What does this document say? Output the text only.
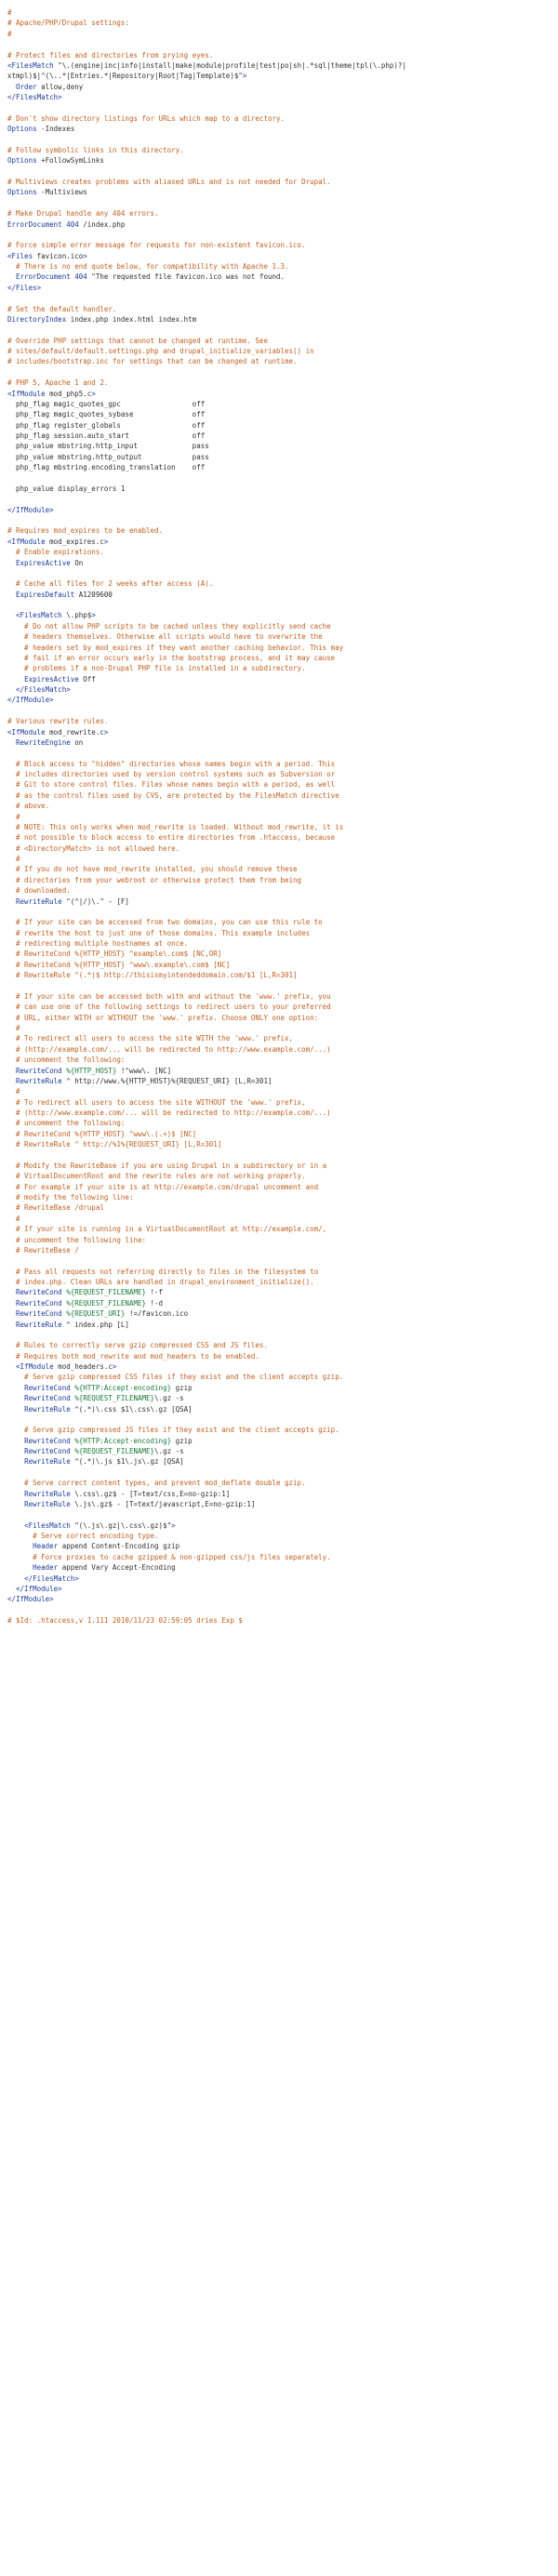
#
# Apache/PHP/Drupal settings:
#
# Protect files and directories from prying eyes.
<FilesMatch "\.(engine|inc|info|install|make|module|profile|test|po|sh|.*sql|theme|tpl(\.php)?|
xtmpl)$|^(\..*|Entries.*|Repository|Root|Tag|Template)$">
Order allow,deny
</FilesMatch>
# Don't show directory listings for URLs which map to a directory.
Options -Indexes
# Follow symbolic links in this directory.
Options +FollowSymLinks
# Multiviews creates problems with aliased URLs and is not needed for Drupal.
Options -Multiviews
# Make Drupal handle any 404 errors.
ErrorDocument 404 /index.php
# Force simple error message for requests for non-existent favicon.ico.
<Files favicon.ico>
# There is no end quote below, for compatibility with Apache 1.3.
ErrorDocument 404 "The requested file favicon.ico was not found.
</Files>
# Set the default handler.
DirectoryIndex index.php index.html index.htm
# Override PHP settings that cannot be changed at runtime. See
# sites/default/default.settings.php and drupal_initialize_variables() in
# includes/bootstrap.inc for settings that can be changed at runtime.
# PHP 5, Apache 1 and 2.
<IfModule mod_php5.c>
php_flag magic_quotes_gpc                 off
php_flag magic_quotes_sybase              off
php_flag register_globals                 off
php_flag session.auto_start               off
php_value mbstring.http_input             pass
php_value mbstring.http_output            pass
php_flag mbstring.encoding_translation    off
php_value display_errors 1
</IfModule>
# Requires mod_expires to be enabled.
<IfModule mod_expires.c>
# Enable expirations.
ExpiresActive On
# Cache all files for 2 weeks after access (A).
ExpiresDefault A1209600
<FilesMatch \.php$>
# Do not allow PHP scripts to be cached unless they explicitly send cache
# headers themselves. Otherwise all scripts would have to overwrite the
# headers set by mod_expires if they want another caching behavior. This may
# fail if an error occurs early in the bootstrap process, and it may cause
# problems if a non-Drupal PHP file is installed in a subdirectory.
ExpiresActive Off
</FilesMatch>
</IfModule>
# Various rewrite rules.
<IfModule mod_rewrite.c>
RewriteEngine on
# Block access to "hidden" directories whose names begin with a period. This
# includes directories used by version control systems such as Subversion or
# Git to store control files. Files whose names begin with a period, as well
# as the control files used by CVS, are protected by the FilesMatch directive
# above.
#
# NOTE: This only works when mod_rewrite is loaded. Without mod_rewrite, it is
# not possible to block access to entire directories from .htaccess, because
# <DirectoryMatch> is not allowed here.
#
# If you do not have mod_rewrite installed, you should remove these
# directories from your webroot or otherwise protect them from being
# downloaded.
RewriteRule "(^|/)\." - [F]
# If your site can be accessed from two domains, you can use this rule to
# rewrite the host to just one of those domains. This example includes
# redirecting multiple hostnames at once.
# RewriteCond %{HTTP_HOST} ^example\.com$ [NC,OR]
# RewriteCond %{HTTP_HOST} ^www\.example\.com$ [NC]
# RewriteRule ^(.*)$ http://thisismyintendeddomain.com/$1 [L,R=301]
# If your site can be accessed both with and without the 'www.' prefix, you
# can use one of the following settings to redirect users to your preferred
# URL, either WITH or WITHOUT the 'www.' prefix. Choose ONLY one option:
#
# To redirect all users to access the site WITH the 'www.' prefix,
# (http://example.com/... will be redirected to http://www.example.com/...)
# uncomment the following:
RewriteCond %{HTTP_HOST} !^www\. [NC]
RewriteRule ^ http://www.%{HTTP_HOST}%{REQUEST_URI} [L,R=301]
#
# To redirect all users to access the site WITHOUT the 'www.' prefix,
# (http://www.example.com/... will be redirected to http://example.com/...)
# uncomment the following:
# RewriteCond %{HTTP_HOST} ^www\.(.+)$ [NC]
# RewriteRule ^ http://%1%{REQUEST_URI} [L,R=301]
# Modify the RewriteBase if you are using Drupal in a subdirectory or in a
# VirtualDocumentRoot and the rewrite rules are not working properly.
# For example if your site is at http://example.com/drupal uncomment and
# modify the following line:
# RewriteBase /drupal
#
# If your site is running in a VirtualDocumentRoot at http://example.com/,
# uncomment the following line:
# RewriteBase /
# Pass all requests not referring directly to files in the filesystem to
# index.php. Clean URLs are handled in drupal_environment_initialize().
RewriteCond %{REQUEST_FILENAME} !-f
RewriteCond %{REQUEST_FILENAME} !-d
RewriteCond %{REQUEST_URI} !=/favicon.ico
RewriteRule ^ index.php [L]
# Rules to correctly serve gzip compressed CSS and JS files.
# Requires both mod_rewrite and mod_headers to be enabled.
<IfModule mod_headers.c>
# Serve gzip compressed CSS files if they exist and the client accepts gzip.
RewriteCond %{HTTP:Accept-encoding} gzip
RewriteCond %{REQUEST_FILENAME}\.gz -s
RewriteRule ^(.*)\.css $1\.css\.gz [QSA]
# Serve gzip compressed JS files if they exist and the client accepts gzip.
RewriteCond %{HTTP:Accept-encoding} gzip
RewriteCond %{REQUEST_FILENAME}\.gz -s
RewriteRule ^(.*)\.js $1\.js\.gz [QSA]
# Serve correct content types, and prevent mod_deflate double gzip.
RewriteRule \.css\.gz$ - [T=text/css,E=no-gzip:1]
RewriteRule \.js\.gz$ - [T=text/javascript,E=no-gzip:1]
<FilesMatch "(\.js\.gz|\.css\.gz)$">
# Serve correct encoding type.
Header append Content-Encoding gzip
# Force proxies to cache gzipped & non-gzipped css/js files separately.
Header append Vary Accept-Encoding
</FilesMatch>
</IfModule>
</IfModule>
# $Id: .htaccess,v 1.111 2010/11/23 02:59:05 dries Exp $
